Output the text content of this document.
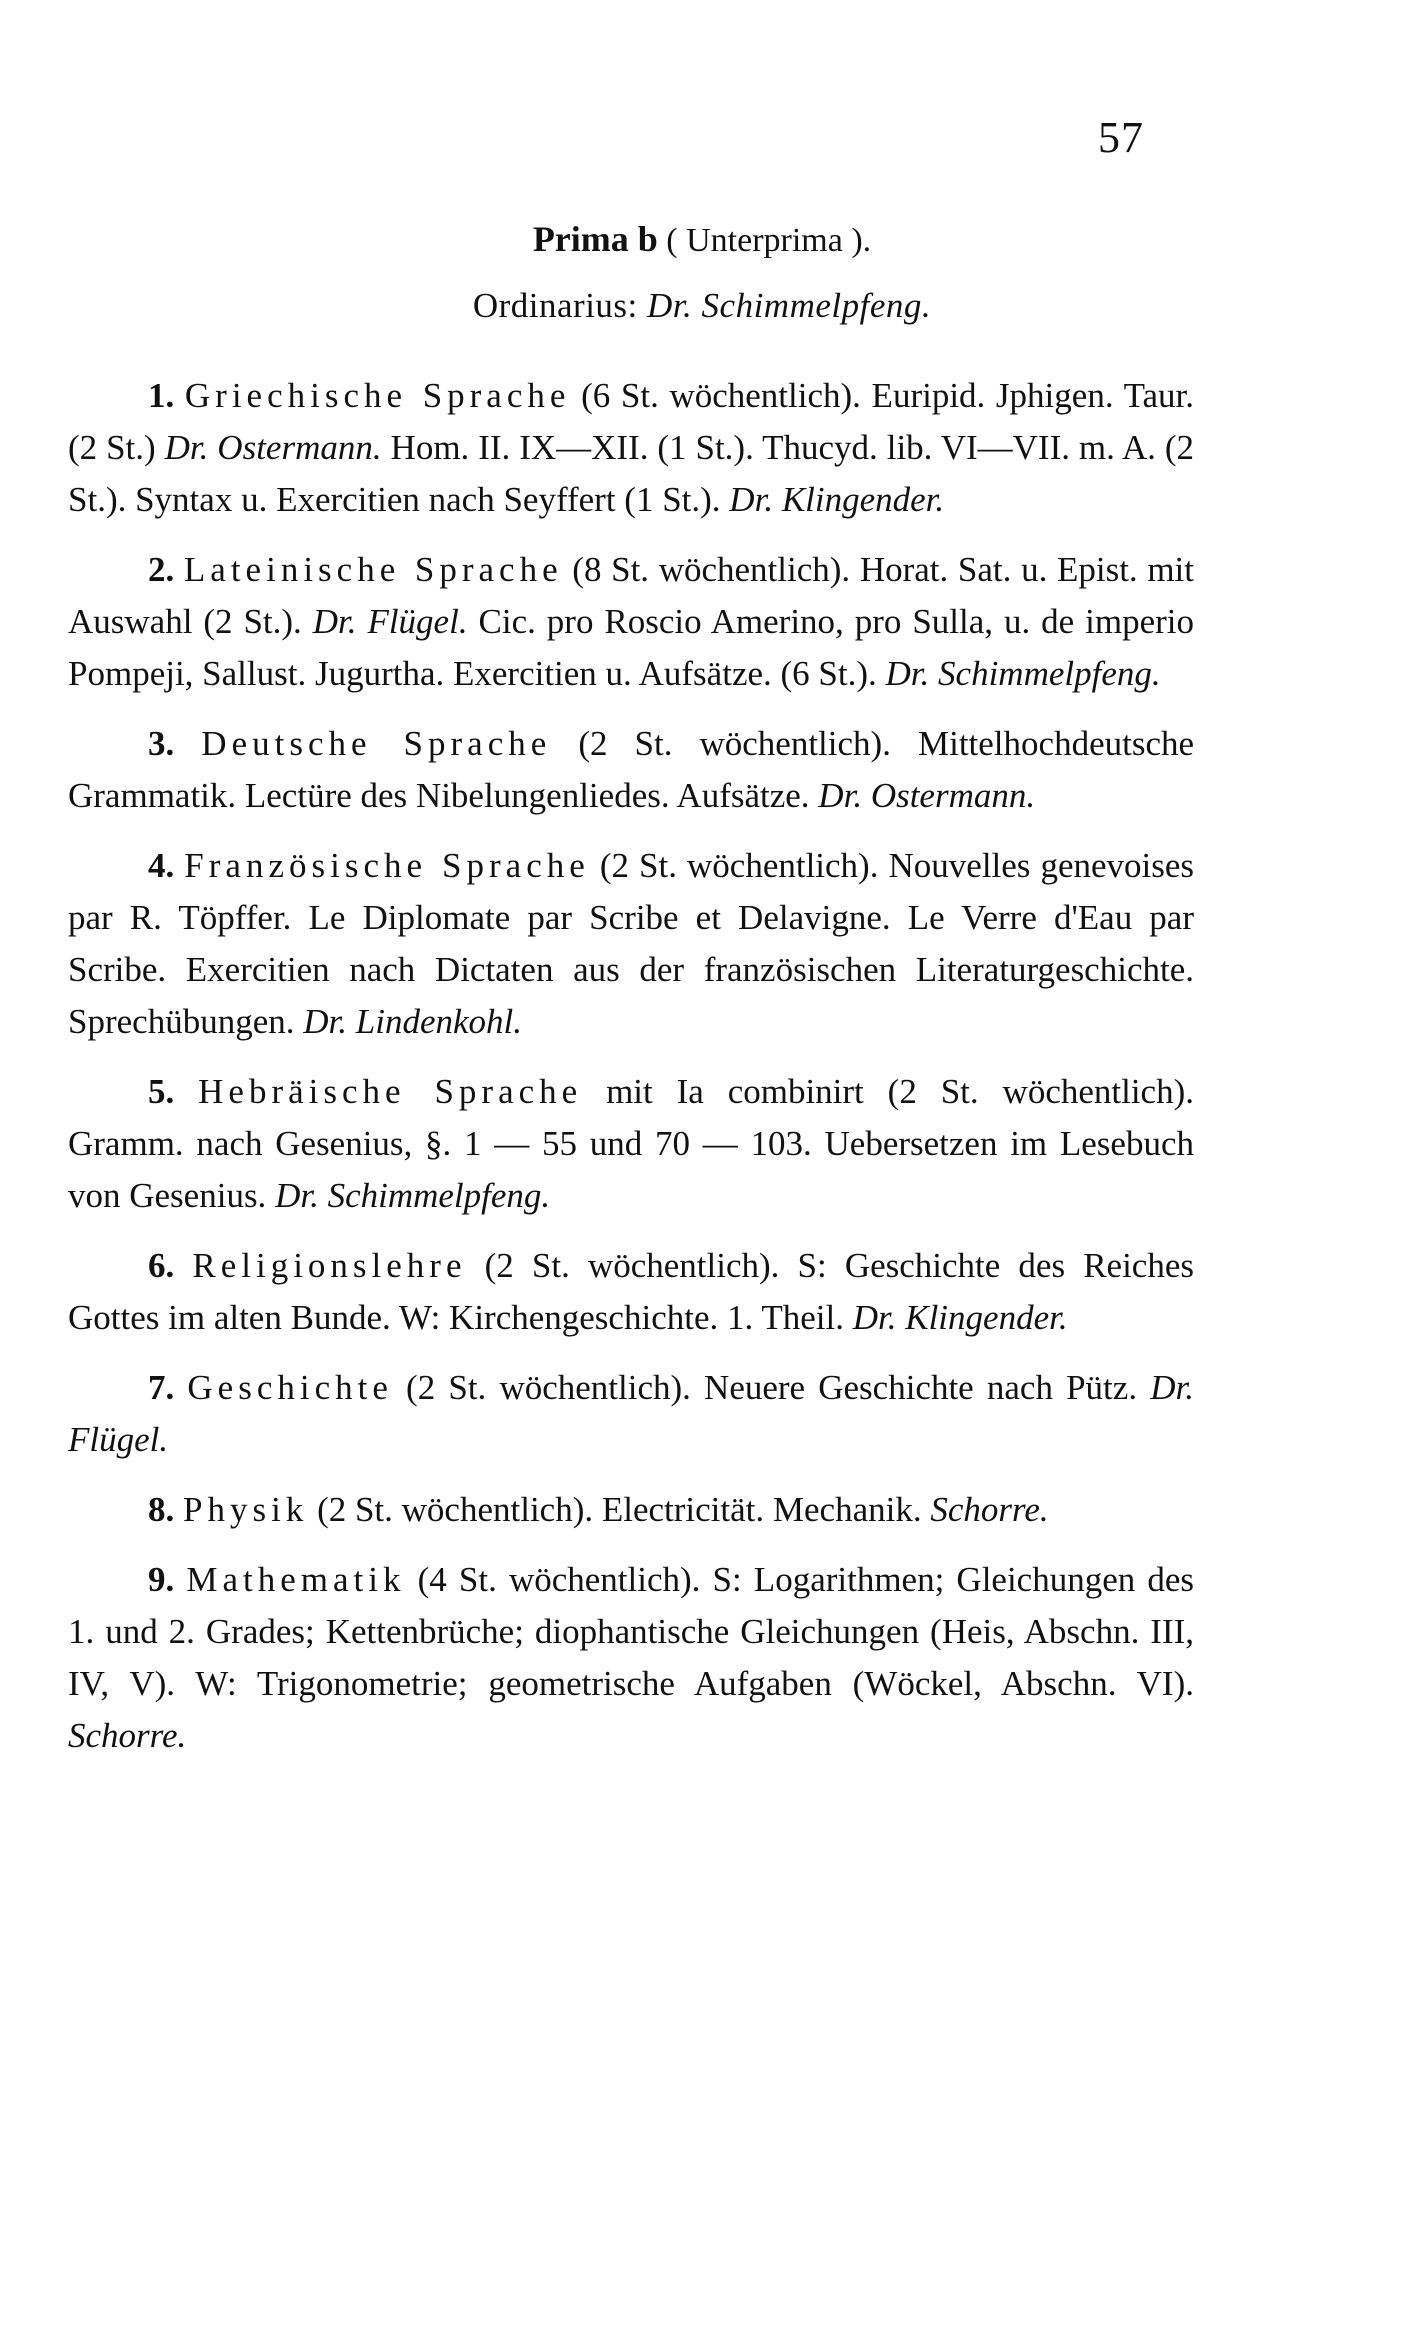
57
Prima b ( Unterprima ).
Ordinarius: Dr. Schimmelpfeng.

1. Griechische Sprache (6 St. wöchentlich). Euripid. Jphigen. Taur. (2 St.) Dr. Ostermann. Hom. II. IX—XII. (1 St.). Thucyd. lib. VI—VII. m. A. (2 St.). Syntax u. Exercitien nach Seyffert (1 St.). Dr. Klingender.

2. Lateinische Sprache (8 St. wöchentlich). Horat. Sat. u. Epist. mit Auswahl (2 St.). Dr. Flügel. Cic. pro Roscio Amerino, pro Sulla, u. de imperio Pompeji, Sallust. Jugurtha. Exercitien u. Aufsätze. (6 St.). Dr. Schimmelpfeng.

3. Deutsche Sprache (2 St. wöchentlich). Mittelhochdeutsche Grammatik. Lectüre des Nibelungenliedes. Aufsätze. Dr. Ostermann.

4. Französische Sprache (2 St. wöchentlich). Nouvelles genevoises par R. Töpffer. Le Diplomate par Scribe et Delavigne. Le Verre d'Eau par Scribe. Exercitien nach Dictaten aus der französischen Literaturgeschichte. Sprechübungen. Dr. Lindenkohl.

5. Hebräische Sprache mit Ia combinirt (2 St. wöchentlich). Gramm. nach Gesenius, §. 1 — 55 und 70 — 103. Uebersetzen im Lesebuch von Gesenius. Dr. Schimmelpfeng.

6. Religionslehre (2 St. wöchentlich). S: Geschichte des Reiches Gottes im alten Bunde. W: Kirchengeschichte. 1. Theil. Dr. Klingender.

7. Geschichte (2 St. wöchentlich). Neuere Geschichte nach Pütz. Dr. Flügel.

8. Physik (2 St. wöchentlich). Electricität. Mechanik. Schorre.

9. Mathematik (4 St. wöchentlich). S: Logarithmen; Gleichungen des 1. und 2. Grades; Kettenbrüche; diophantische Gleichungen (Heis, Abschn. III, IV, V). W: Trigonometrie; geometrische Aufgaben (Wöckel, Abschn. VI). Schorre.
